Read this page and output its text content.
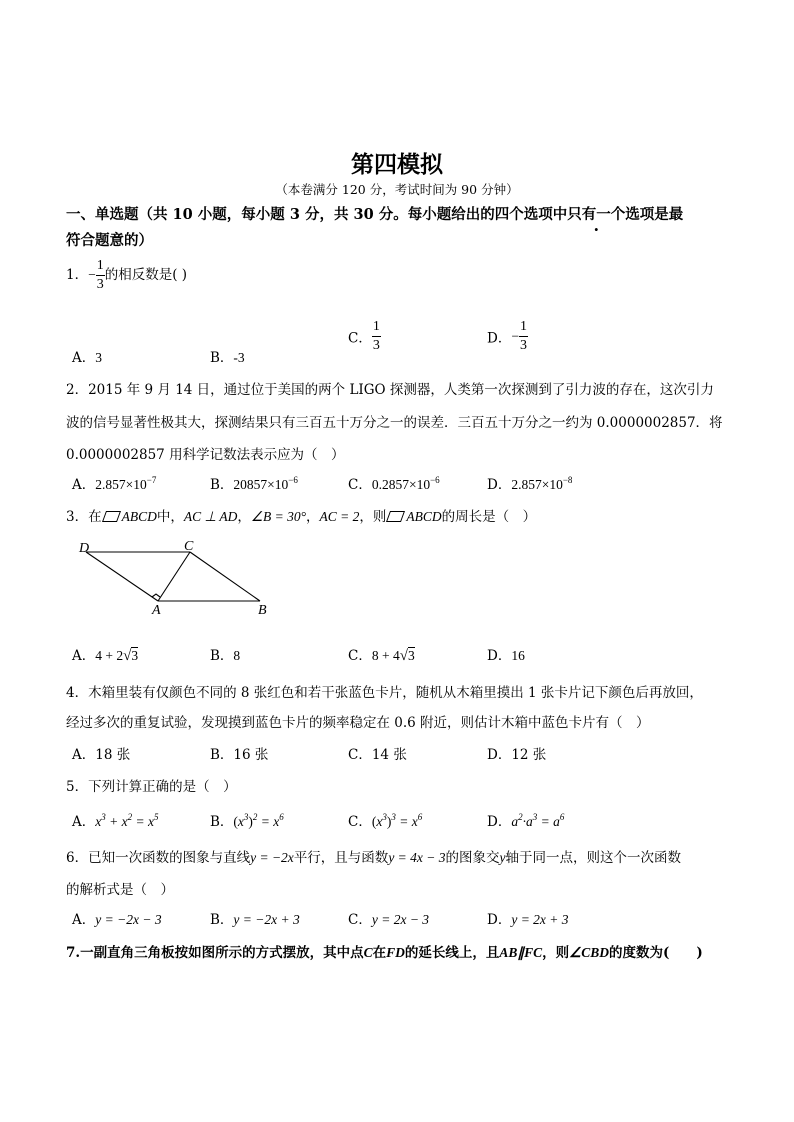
第四模拟
（本卷满分 120 分，考试时间为 90 分钟）
一、单选题（共 10 小题，每小题 3 分，共 30 分。每小题给出的四个选项中只有一个选项是最
符合题意的）
1．− $\frac{1}{3}$ 的相反数是( )
A．3	B．-3
C． $\frac{1}{3}$	D．− $\frac{1}{3}$
2．2015 年 9 月 14 日，通过位于美国的两个 LIGO 探测器，人类第一次探测到了引力波的存在，这次引力
波的信号显著性极其大，探测结果只有三百五十万分之一的误差．三百五十万分之一约为 0.0000002857．将
0.0000002857 用科学记数法表示应为（　）
A．$2.857\times 10^{-7}$	B．$20857\times 10^{-6}$	C．$0.2857\times 10^{-6}$	D．$2.857\times 10^{-8}$
3．在 ABCD中，AC ⊥ AD，∠B = 30°，AC = 2，则 ABCD的周长是（　）
D	C
A	B
A．4 + 2√3	B．8	C．8 + 4√3	D．16
4．木箱里装有仅颜色不同的 8 张红色和若干张蓝色卡片，随机从木箱里摸出 1 张卡片记下颜色后再放回，
经过多次的重复试验，发现摸到蓝色卡片的频率稳定在 0.6 附近，则估计木箱中蓝色卡片有（　）
A．18 张	B．16 张	C．14 张	D．12 张
5．下列计算正确的是（　）
A．$x^3 + x^2 = x^5$	B．$(x^3)^2 = x^6$	C．$(x^3)^3 = x^6$	D．$a^2\cdot a^3 = a^6$
6．已知一次函数的图象与直线y = −2x平行，且与函数y = 4x − 3的图象交y轴于同一点，则这个一次函数
的解析式是（　）
A．y = −2x − 3	B．y = −2x + 3	C．y = 2x − 3	D．y = 2x + 3
7.一副直角三角板按如图所示的方式摆放，其中点C在FD的延长线上，且AB∥FC，则∠CBD的度数为(　　)
